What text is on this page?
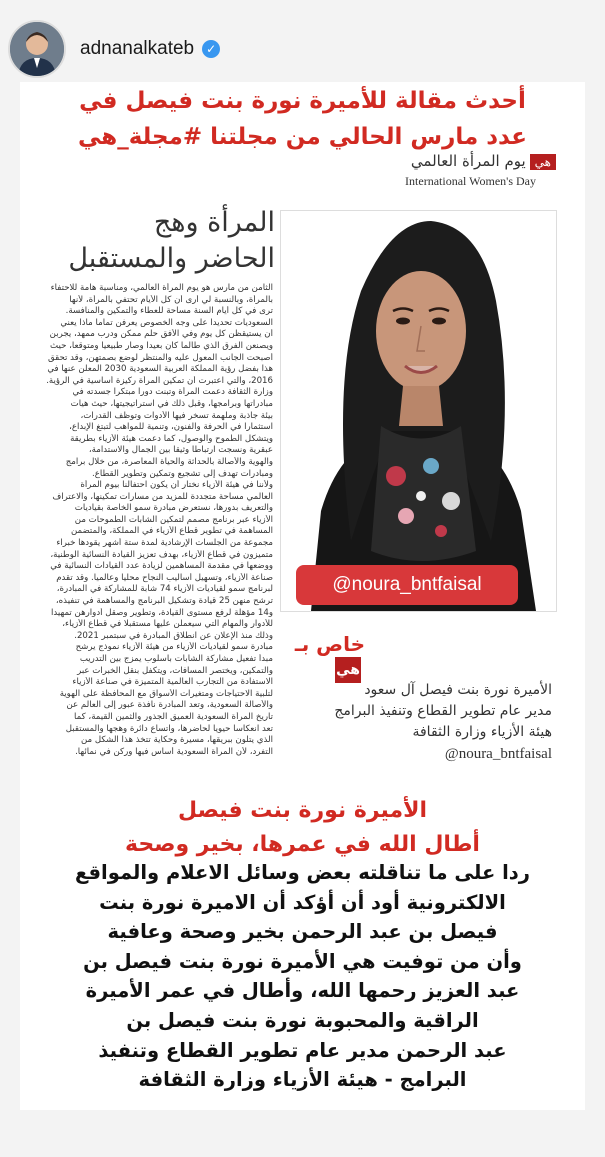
adnanalkateb ✓
أحدث مقالة للأميرة نورة بنت فيصل في
عدد مارس الحالي من مجلتنا #مجلة_هي
هييوم المرأة العالمي
International Women's Day
المرأة وهج
الحاضر والمستقبل
الثامن من مارس هو يوم المرأة العالمي، ومناسبة هامة للاحتفاء
بالمرأة، وبالنسبة لي أرى أن كل الأيام تحتفي بالمرأة، لأنها
ترى في كل أيام السنة مساحة للعطاء والتمكين والمنافسة.
السعوديات تحديدا على وجه الخصوص يعرفن تماما ماذا يعني
أن يستيقظن كل يوم وفي الأفق حلم ممكن ودرب ممهد، يجربن
ويصنعن الفرق الذي طالما كان بعيدا وصار طبيعيا ومتوقعا، حيث
أصبحت الجانب المعول عليه والمنتظر لوضع بصمتهن، وقد تحقق
هذا بفضل رؤية المملكة العربية السعودية 2030 المعلن عنها في
2016، والتي اعتبرت أن تمكين المرأة ركيزة أساسية في الرؤية.
وزارة الثقافة دعمت المرأة وتبنت دورا مبتكرا جسدته في
مبادراتها وبرامجها، وقبل ذلك في استراتيجيتها، حيث هيأت
بيئة جاذبة وملهمة تسخر فيها الأدوات وتوظف القدرات،
استثمارا في الحرفة والفنون، وتنمية للمواهب لتبتغ الإبداع،
ويتشكل الطموح والوصول، كما دعمت هيئة الأزياء بطريقة
عبقرية ونسجت ارتباطا وثيقا بين الجمال والاستدامة،
والهوية والأصالة بالحداثة والحياة المعاصرة، من خلال برامج
ومبادرات تهدف إلى تشجيع وتمكين وتطوير القطاع.
ولأننا في هيئة الأزياء نختار أن يكون احتفالنا بيوم المرأة
العالمي مساحة متجددة للمزيد من مسارات تمكينها، والاعتراف
والتعريف بدورها، نستعرض مبادرة سمو الخاصة بقياديات
الأزياء عبر برنامج مصمم لتمكين الشابات الطموحات من
المساهمة في تطوير قطاع الأزياء في المملكة، والمتضمن
مجموعة من الجلسات الإرشادية لمدة ستة أشهر يقودها خبراء
متميزون في قطاع الأزياء، بهدف تعزيز القيادة النسائية الوطنية،
ووضعها في مقدمة المساهمين لزيادة عدد القيادات النسائية في
صناعة الأزياء، وتسهيل أساليب النجاح محليا وعالميا. وقد تقدم
لبرنامج سمو لقياديات الأزياء 74 شابة للمشاركة في المبادرة،
ترشح منهن 25 قيادة وتشكيل البرنامج والمساهمة في تنفيذه،
و14 مؤهلة لرفع مستوى القيادة، وتطوير وصقل أدوارهن تمهيدا
للأدوار والمهام التي سيعملن عليها مستقبلا في قطاع الأزياء،
وذلك منذ الإعلان عن انطلاق المبادرة في سبتمبر 2021.
مبادرة سمو لقياديات الأزياء من هيئة الأزياء نموذج يرشح
مبدأ تفعيل مشاركة الشابات بأسلوب يمزج بين التدريب
والتمكين، ويختصر المسافات، ويتكفل بنقل الخبرات عبر
الاستفادة من التجارب العالمية المتميزة في صناعة الأزياء
لتلبية الاحتياجات ومتغيرات الأسواق مع المحافظة على الهوية
والأصالة السعودية، وتعد المبادرة نافذة عبور إلى العالم عن
تاريخ المرأة السعودية العميق الجذور والثمين القيمة، كما
تعد انعكاسا حيويا لحاضرها، واتساع دائرة وهجها والمستقبل
الذي يتلون ببريقها، مسيرة وحكاية تتخذ هذا الشكل من
التفرد، لأن المرأة السعودية أساس فيها وركن في نمائها.
@noura_bntfaisal
خاص بـهي
الأميرة نورة بنت فيصل آل سعود
مدير عام تطوير القطاع وتنفيذ البرامج
هيئة الأزياء وزارة الثقافة
@noura_bntfaisal
الأميرة نورة بنت فيصل
أطال الله في عمرها، بخير وصحة
ردا على ما تناقلته بعض وسائل الاعلام والمواقع
الالكترونية أود أن أؤكد أن الاميرة نورة بنت
فيصل بن عبد الرحمن بخير وصحة وعافية
وأن من توفيت هي الأميرة نورة بنت فيصل بن
عبد العزيز رحمها الله، وأطال في عمر الأميرة
الراقية والمحبوبة نورة بنت فيصل بن
عبد الرحمن مدير عام تطوير القطاع وتنفيذ
البرامج - هيئة الأزياء وزارة الثقافة
